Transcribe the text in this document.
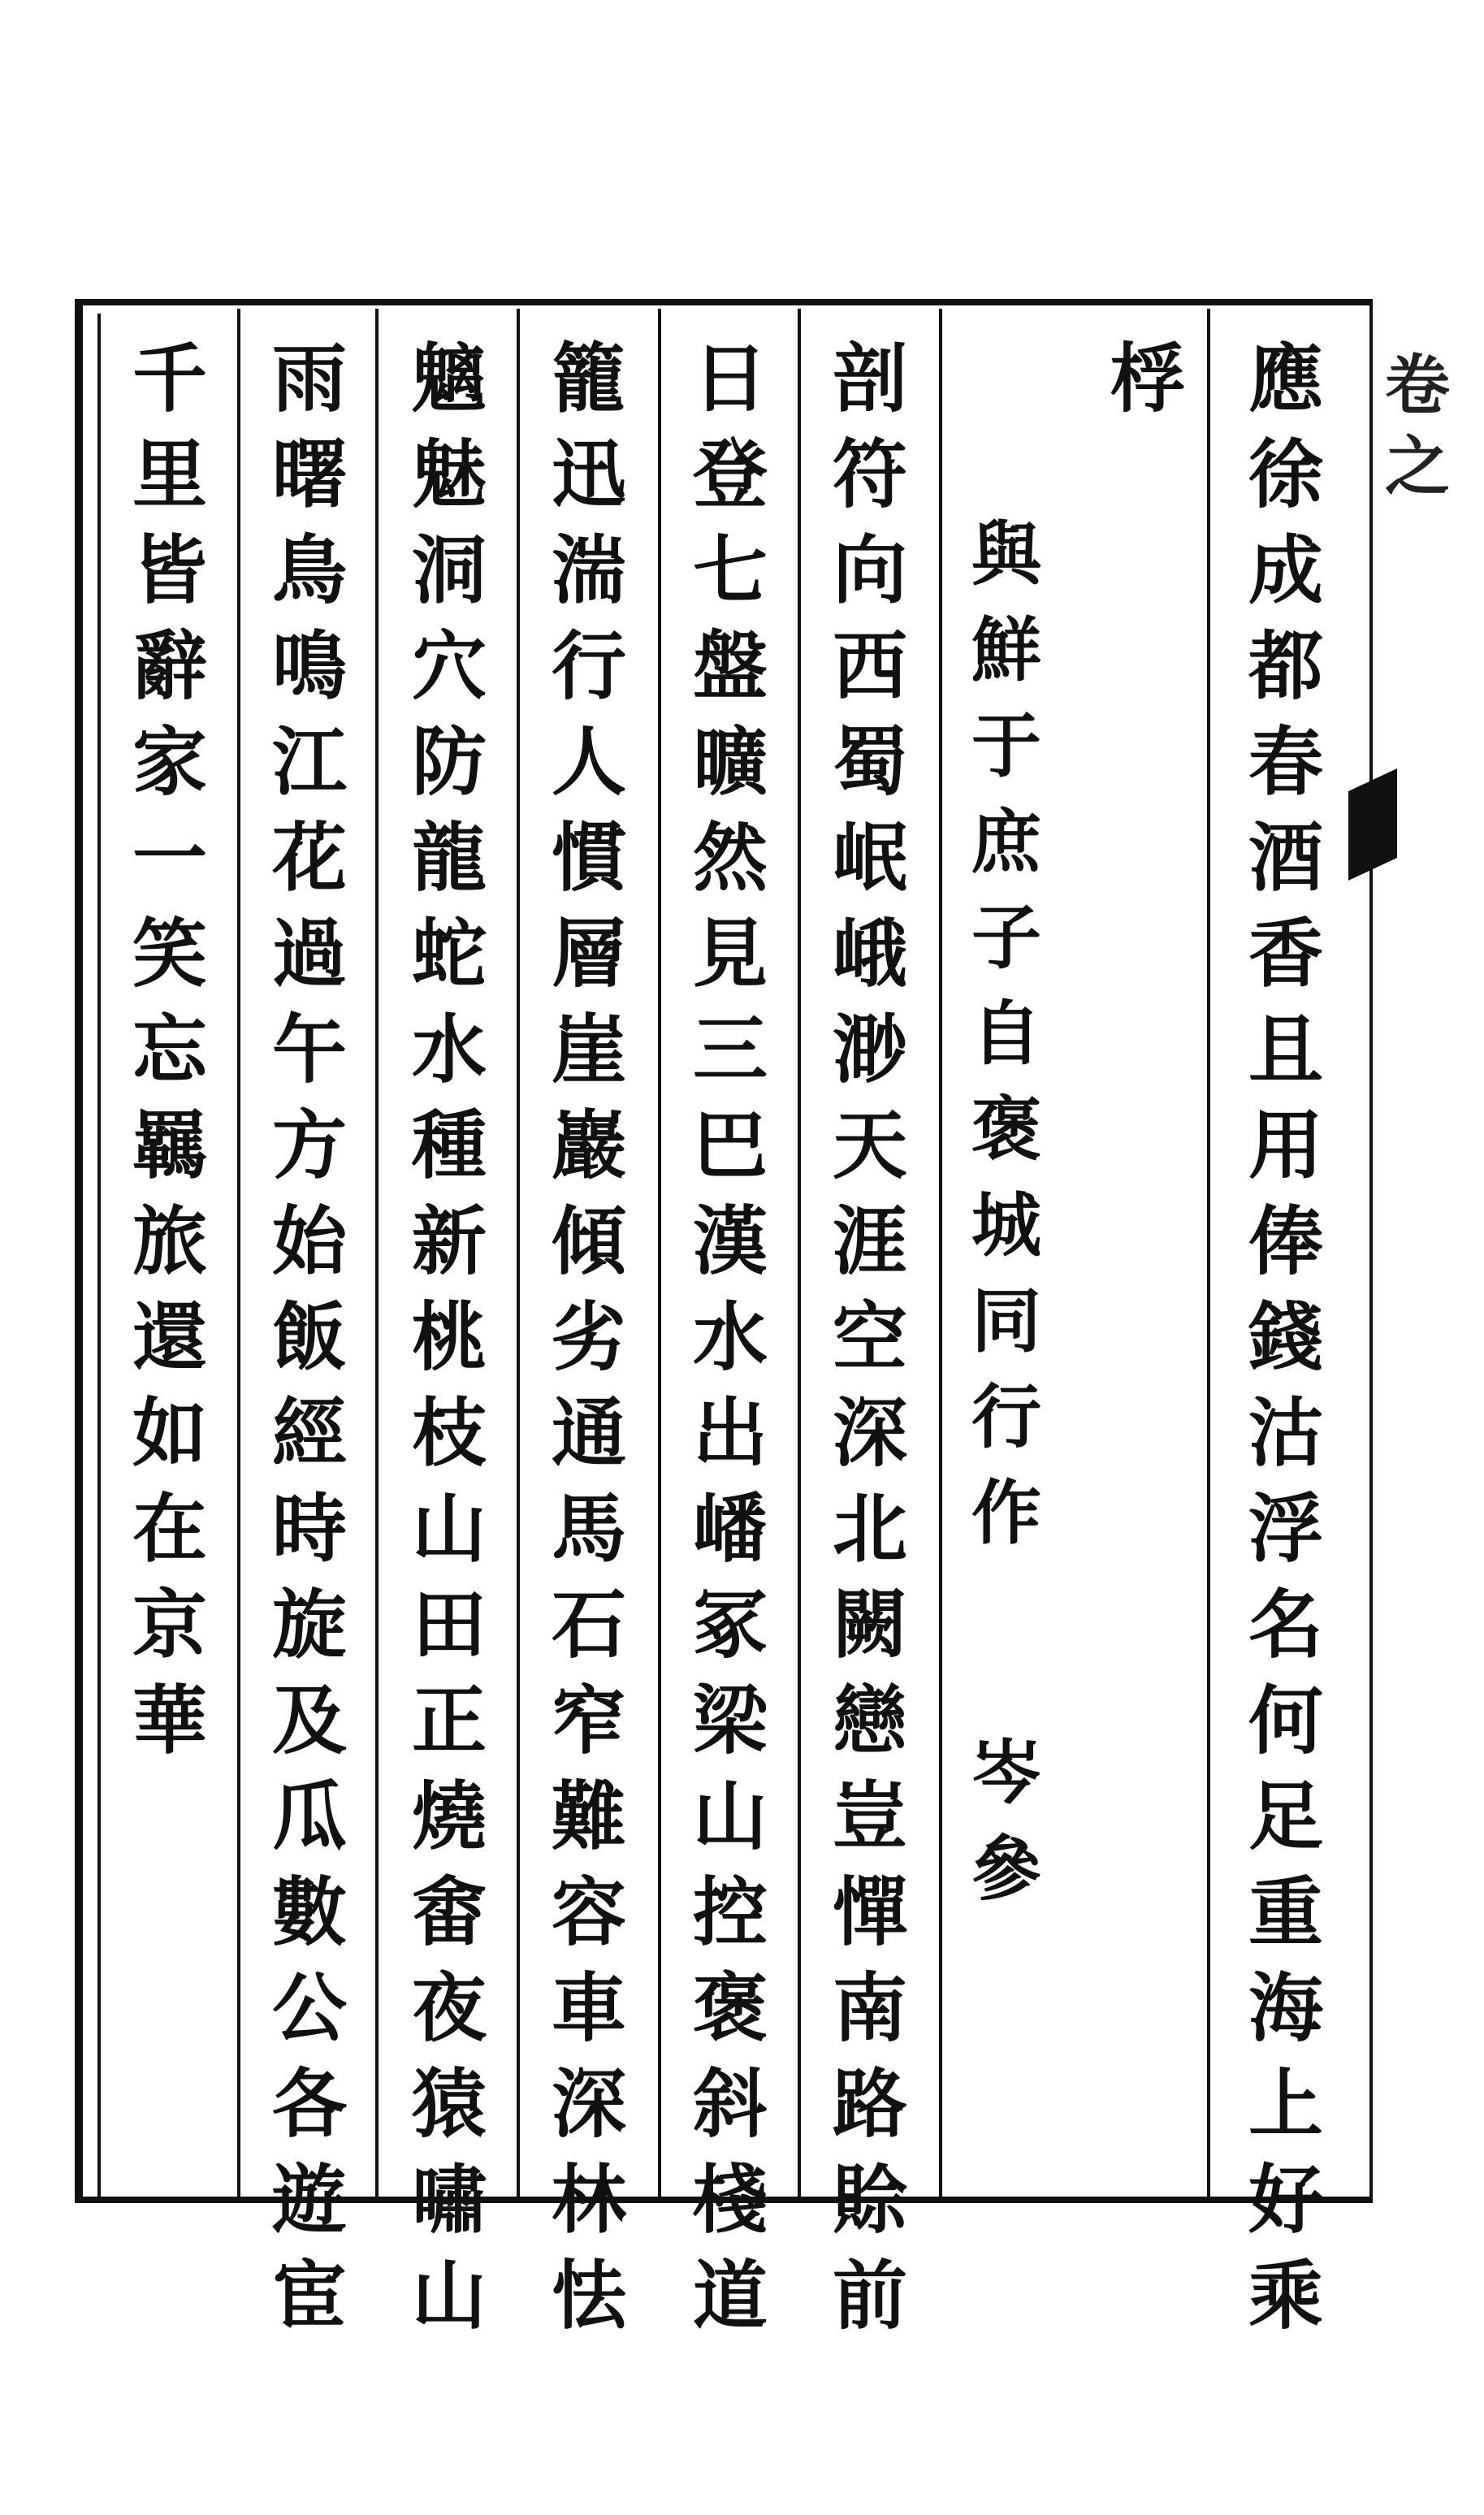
卷
之
應
徐
成
都
春
酒
香
且
用
俸
錢
沽
浮
名
何
足
重
海
上
好
乘
桴
與
鮮
于
庶
子
自
褒
城
同
行
作
岑
參
剖
符
向
西
蜀
岷
峨
渺
天
涯
空
深
北
闕
戀
豈
憚
南
路
賒
前
日
登
七
盤
曠
然
見
三
巴
漢
水
出
嶓
冢
梁
山
控
褒
斜
棧
道
籠
迅
湍
行
人
慣
層
崖
巖
傾
劣
通
馬
石
窄
難
容
車
深
林
怯
魑
魅
洞
穴
防
龍
蛇
水
種
新
桃
枝
山
田
正
燒
畬
夜
猿
嘯
山
雨
曙
鳥
鳴
江
花
過
午
方
始
飯
經
時
旋
及
瓜
數
公
各
遊
宦
千
里
皆
辭
家
一
笑
忘
羈
旅
還
如
在
京
華
